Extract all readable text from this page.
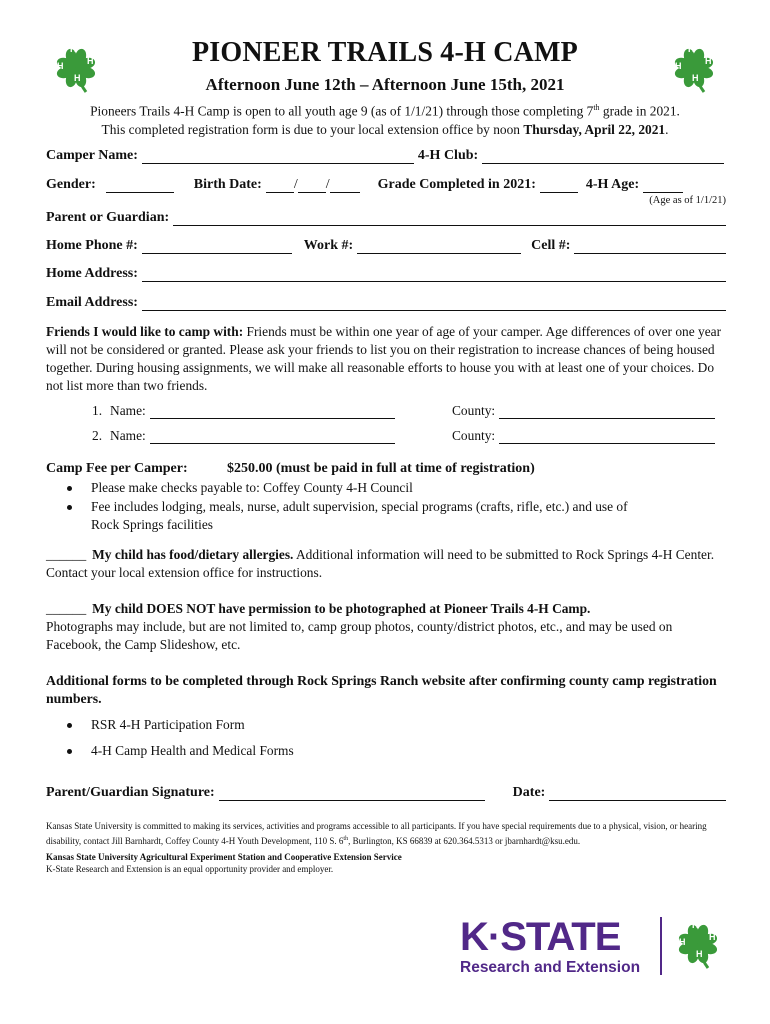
H
H
H
H
H
H
H
H
PIONEER TRAILS 4-H CAMP
Afternoon June 12th – Afternoon June 15th, 2021
Pioneers Trails 4-H Camp is open to all youth age 9 (as of 1/1/21) through those completing 7th grade in 2021.
This completed registration form is due to your local extension office by noon Thursday, April 22, 2021.
Camper Name:	4-H Club:
Gender:	Birth Date: / /	Grade Completed in 2021:	4-H Age:
(Age as of 1/1/21)
Parent or Guardian:
Home Phone #:	Work #:	Cell #:
Home Address:
Email Address:
Friends I would like to camp with: Friends must be within one year of age of your camper. Age differences of over one year will not be considered or granted. Please ask your friends to list you on their registration to increase chances of being housed together. During housing assignments, we will make all reasonable efforts to house you with at least one of your choices. Do not list more than two friends.
1. Name:	County:
2. Name:	County:
Camp Fee per Camper:	$250.00 (must be paid in full at time of registration)
Please make checks payable to: Coffey County 4-H Council
Fee includes lodging, meals, nurse, adult supervision, special programs (crafts, rifle, etc.) and use of
Rock Springs facilities
______ My child has food/dietary allergies. Additional information will need to be submitted to Rock Springs 4-H Center. Contact your local extension office for instructions.
______ My child DOES NOT have permission to be photographed at Pioneer Trails 4-H Camp.
Photographs may include, but are not limited to, camp group photos, county/district photos, etc., and may be used on Facebook, the Camp Slideshow, etc.
Additional forms to be completed through Rock Springs Ranch website after confirming county camp registration numbers.
RSR 4-H Participation Form
4-H Camp Health and Medical Forms
Parent/Guardian Signature:	Date:
Kansas State University is committed to making its services, activities and programs accessible to all participants. If you have special requirements due to a physical, vision, or hearing disability, contact Jill Barnhardt, Coffey County 4-H Youth Development, 110 S. 6th, Burlington, KS 66839 at 620.364.5313 or jbarnhardt@ksu.edu.
Kansas State University Agricultural Experiment Station and Cooperative Extension Service
K-State Research and Extension is an equal opportunity provider and employer.
K·STATE
Research and Extension
H
H
H
H
